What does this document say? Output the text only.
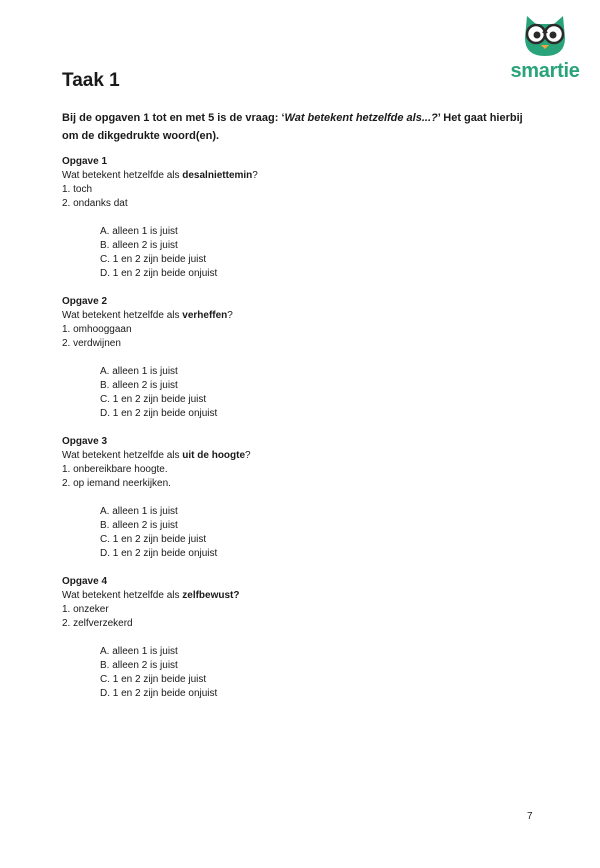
smartie
Taak 1

Bij de opgaven 1 tot en met 5 is de vraag: ‘Wat betekent hetzelfde als...?’ Het gaat hierbij om de dikgedrukte woord(en).

Opgave 1
Wat betekent hetzelfde als desalniettemin?
1. toch
2. ondanks dat
A. alleen 1 is juist
B. alleen 2 is juist
C. 1 en 2 zijn beide juist
D. 1 en 2 zijn beide onjuist
Opgave 2
Wat betekent hetzelfde als verheffen?
1. omhooggaan
2. verdwijnen
A. alleen 1 is juist
B. alleen 2 is juist
C. 1 en 2 zijn beide juist
D. 1 en 2 zijn beide onjuist
Opgave 3
Wat betekent hetzelfde als uit de hoogte?
1. onbereikbare hoogte.
2. op iemand neerkijken.
A. alleen 1 is juist
B. alleen 2 is juist
C. 1 en 2 zijn beide juist
D. 1 en 2 zijn beide onjuist
Opgave 4
Wat betekent hetzelfde als zelfbewust?
1. onzeker
2. zelfverzekerd
A. alleen 1 is juist
B. alleen 2 is juist
C. 1 en 2 zijn beide juist
D. 1 en 2 zijn beide onjuist
7
